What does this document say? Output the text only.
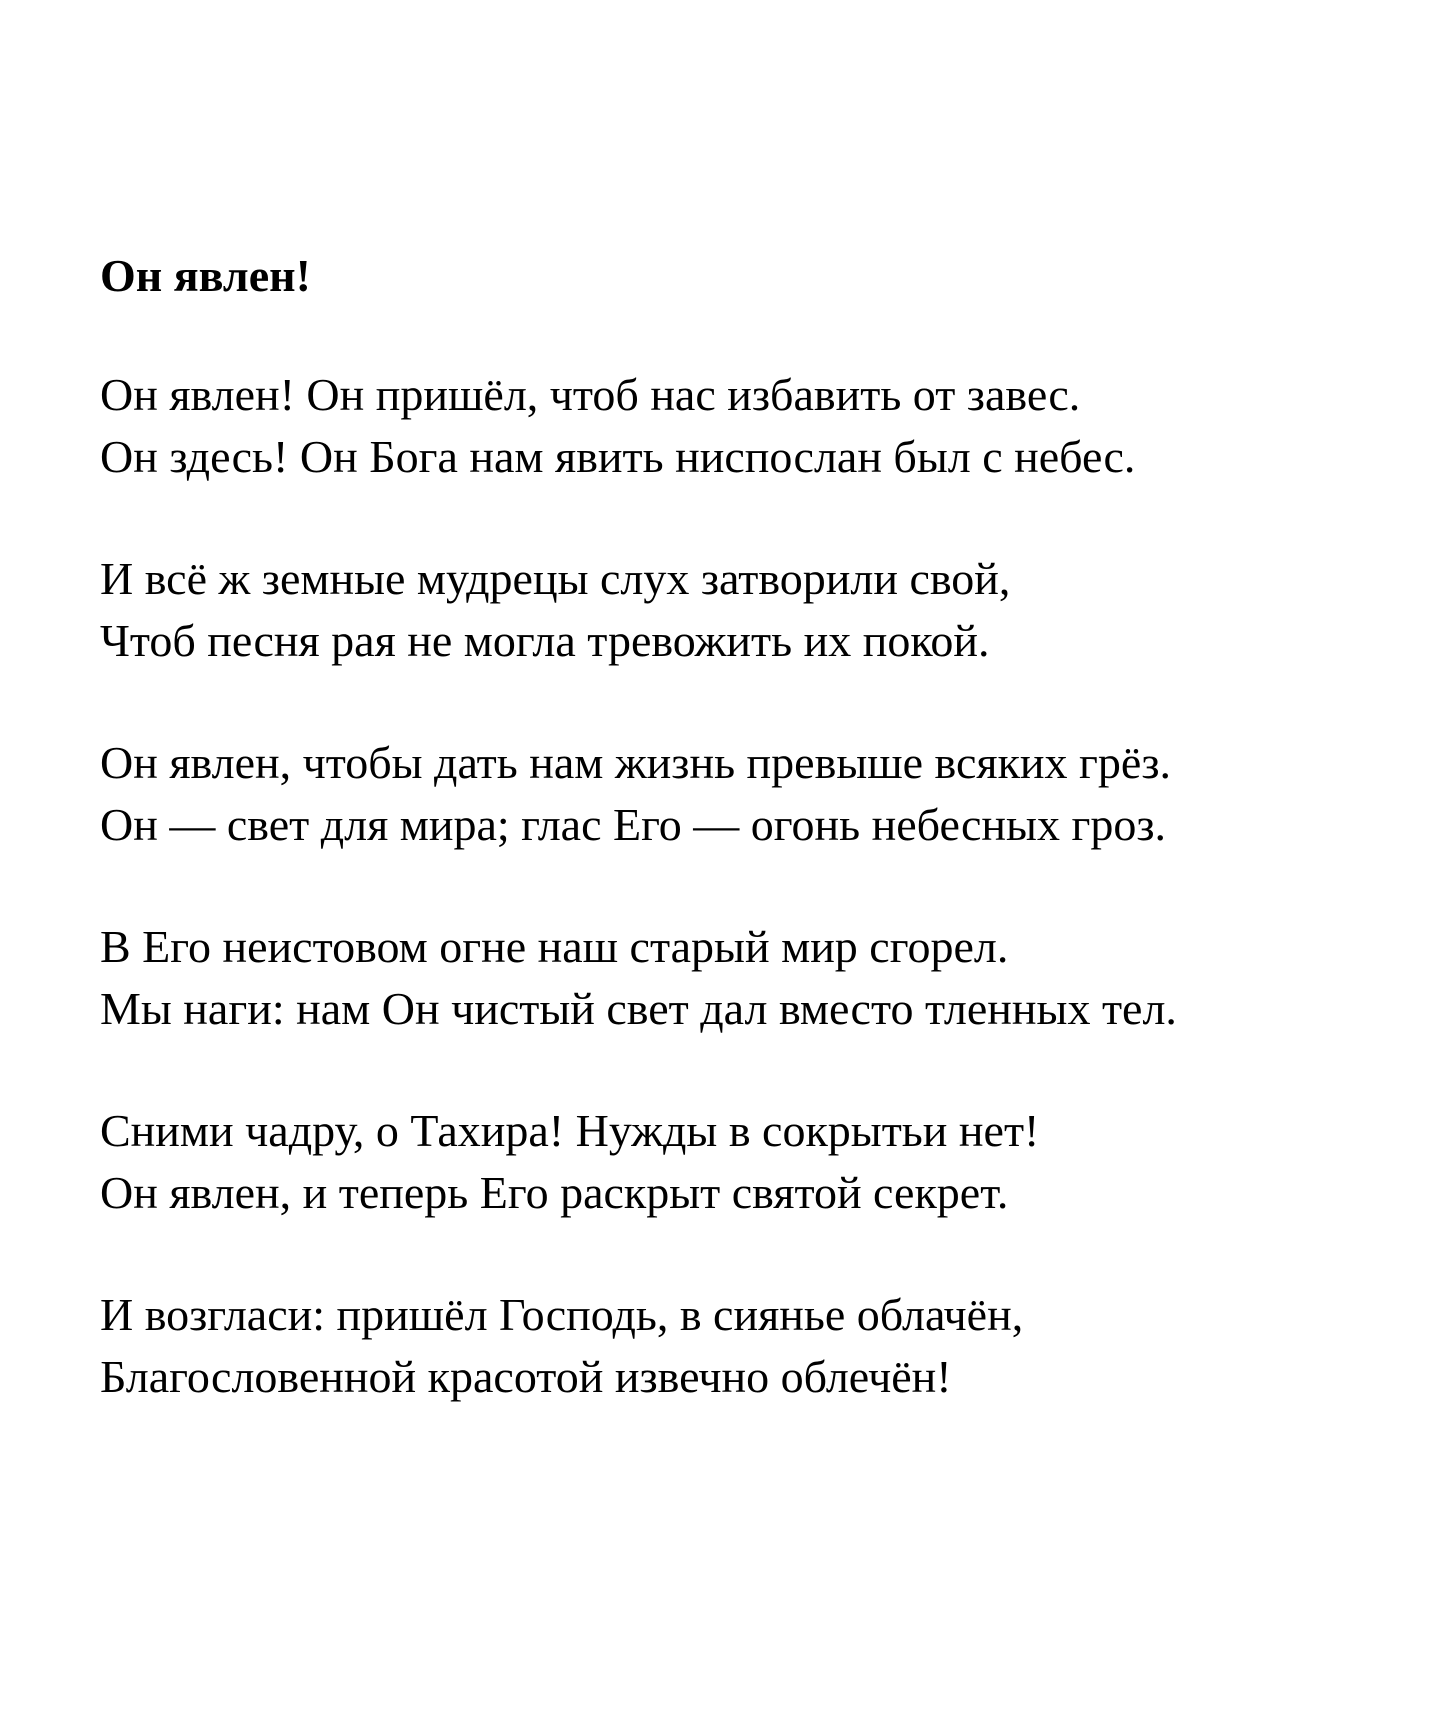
Он явлен!
Он явлен! Он пришёл, чтоб нас избавить от завес.
Он здесь! Он Бога нам явить ниспослан был с небес.
И всё ж земные мудрецы слух затворили свой,
Чтоб песня рая не могла тревожить их покой.
Он явлен, чтобы дать нам жизнь превыше всяких грёз.
Он — свет для мира; глас Его — огонь небесных гроз.
В Его неистовом огне наш старый мир сгорел.
Мы наги: нам Он чистый свет дал вместо тленных тел.
Сними чадру, о Тахира! Нужды в сокрытьи нет!
Он явлен, и теперь Его раскрыт святой секрет.
И возгласи: пришёл Господь, в сиянье облачён,
Благословенной красотой извечно облечён!
